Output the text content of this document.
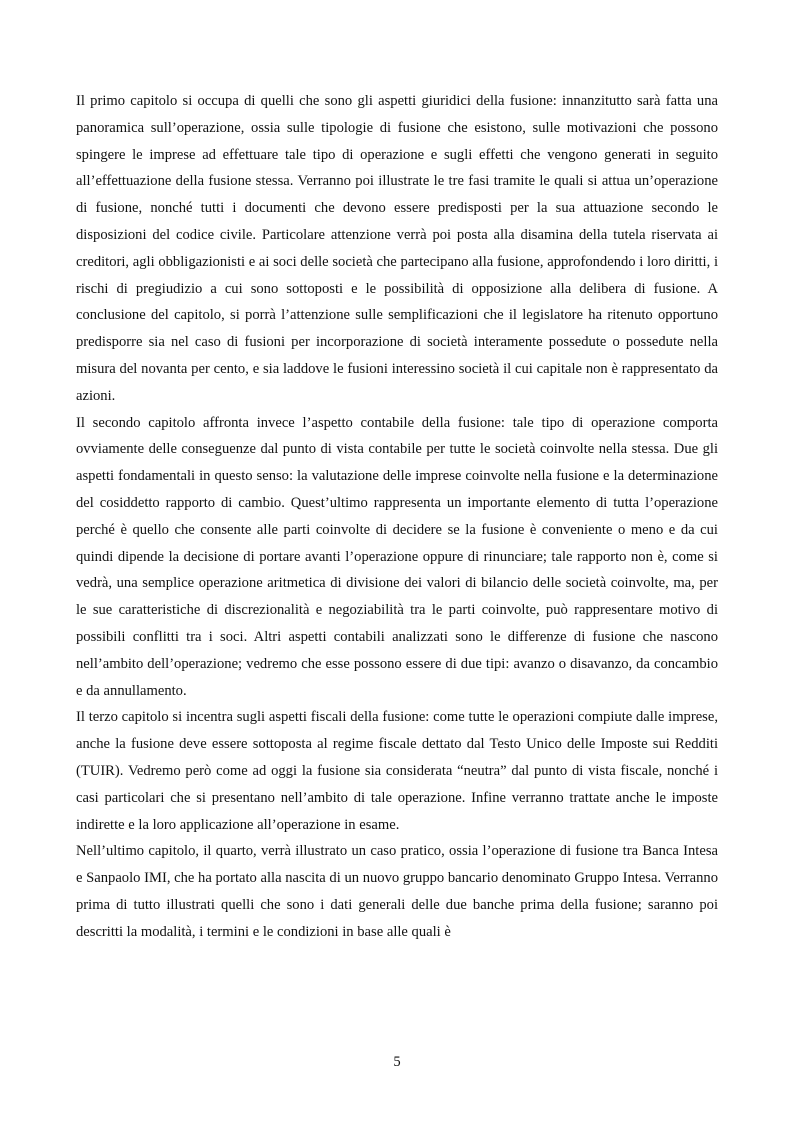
Il primo capitolo si occupa di quelli che sono gli aspetti giuridici della fusione: innanzitutto sarà fatta una panoramica sull’operazione, ossia sulle tipologie di fusione che esistono, sulle motivazioni che possono spingere le imprese ad effettuare tale tipo di operazione e sugli effetti che vengono generati in seguito all’effettuazione della fusione stessa. Verranno poi illustrate le tre fasi tramite le quali si attua un’operazione di fusione, nonché tutti i documenti che devono essere predisposti per la sua attuazione secondo le disposizioni del codice civile. Particolare attenzione verrà poi posta alla disamina della tutela riservata ai creditori, agli obbligazionisti e ai soci delle società che partecipano alla fusione, approfondendo i loro diritti, i rischi di pregiudizio a cui sono sottoposti e le possibilità di opposizione alla delibera di fusione. A conclusione del capitolo, si porrà l’attenzione sulle semplificazioni che il legislatore ha ritenuto opportuno predisporre sia nel caso di fusioni per incorporazione di società interamente possedute o possedute nella misura del novanta per cento, e sia laddove le fusioni interessino società il cui capitale non è rappresentato da azioni.

Il secondo capitolo affronta invece l’aspetto contabile della fusione: tale tipo di operazione comporta ovviamente delle conseguenze dal punto di vista contabile per tutte le società coinvolte nella stessa. Due gli aspetti fondamentali in questo senso: la valutazione delle imprese coinvolte nella fusione e la determinazione del cosiddetto rapporto di cambio. Quest’ultimo rappresenta un importante elemento di tutta l’operazione perché è quello che consente alle parti coinvolte di decidere se la fusione è conveniente o meno e da cui quindi dipende la decisione di portare avanti l’operazione oppure di rinunciare; tale rapporto non è, come si vedrà, una semplice operazione aritmetica di divisione dei valori di bilancio delle società coinvolte, ma, per le sue caratteristiche di discrezionalità e negoziabilità tra le parti coinvolte, può rappresentare motivo di possibili conflitti tra i soci. Altri aspetti contabili analizzati sono le differenze di fusione che nascono nell’ambito dell’operazione; vedremo che esse possono essere di due tipi: avanzo o disavanzo, da concambio e da annullamento.

Il terzo capitolo si incentra sugli aspetti fiscali della fusione: come tutte le operazioni compiute dalle imprese, anche la fusione deve essere sottoposta al regime fiscale dettato dal Testo Unico delle Imposte sui Redditi (TUIR). Vedremo però come ad oggi la fusione sia considerata “neutra” dal punto di vista fiscale, nonché i casi particolari che si presentano nell’ambito di tale operazione. Infine verranno trattate anche le imposte indirette e la loro applicazione all’operazione in esame.

Nell’ultimo capitolo, il quarto, verrà illustrato un caso pratico, ossia l’operazione di fusione tra Banca Intesa e Sanpaolo IMI, che ha portato alla nascita di un nuovo gruppo bancario denominato Gruppo Intesa. Verranno prima di tutto illustrati quelli che sono i dati generali delle due banche prima della fusione; saranno poi descritti la modalità, i termini e le condizioni in base alle quali è

5
